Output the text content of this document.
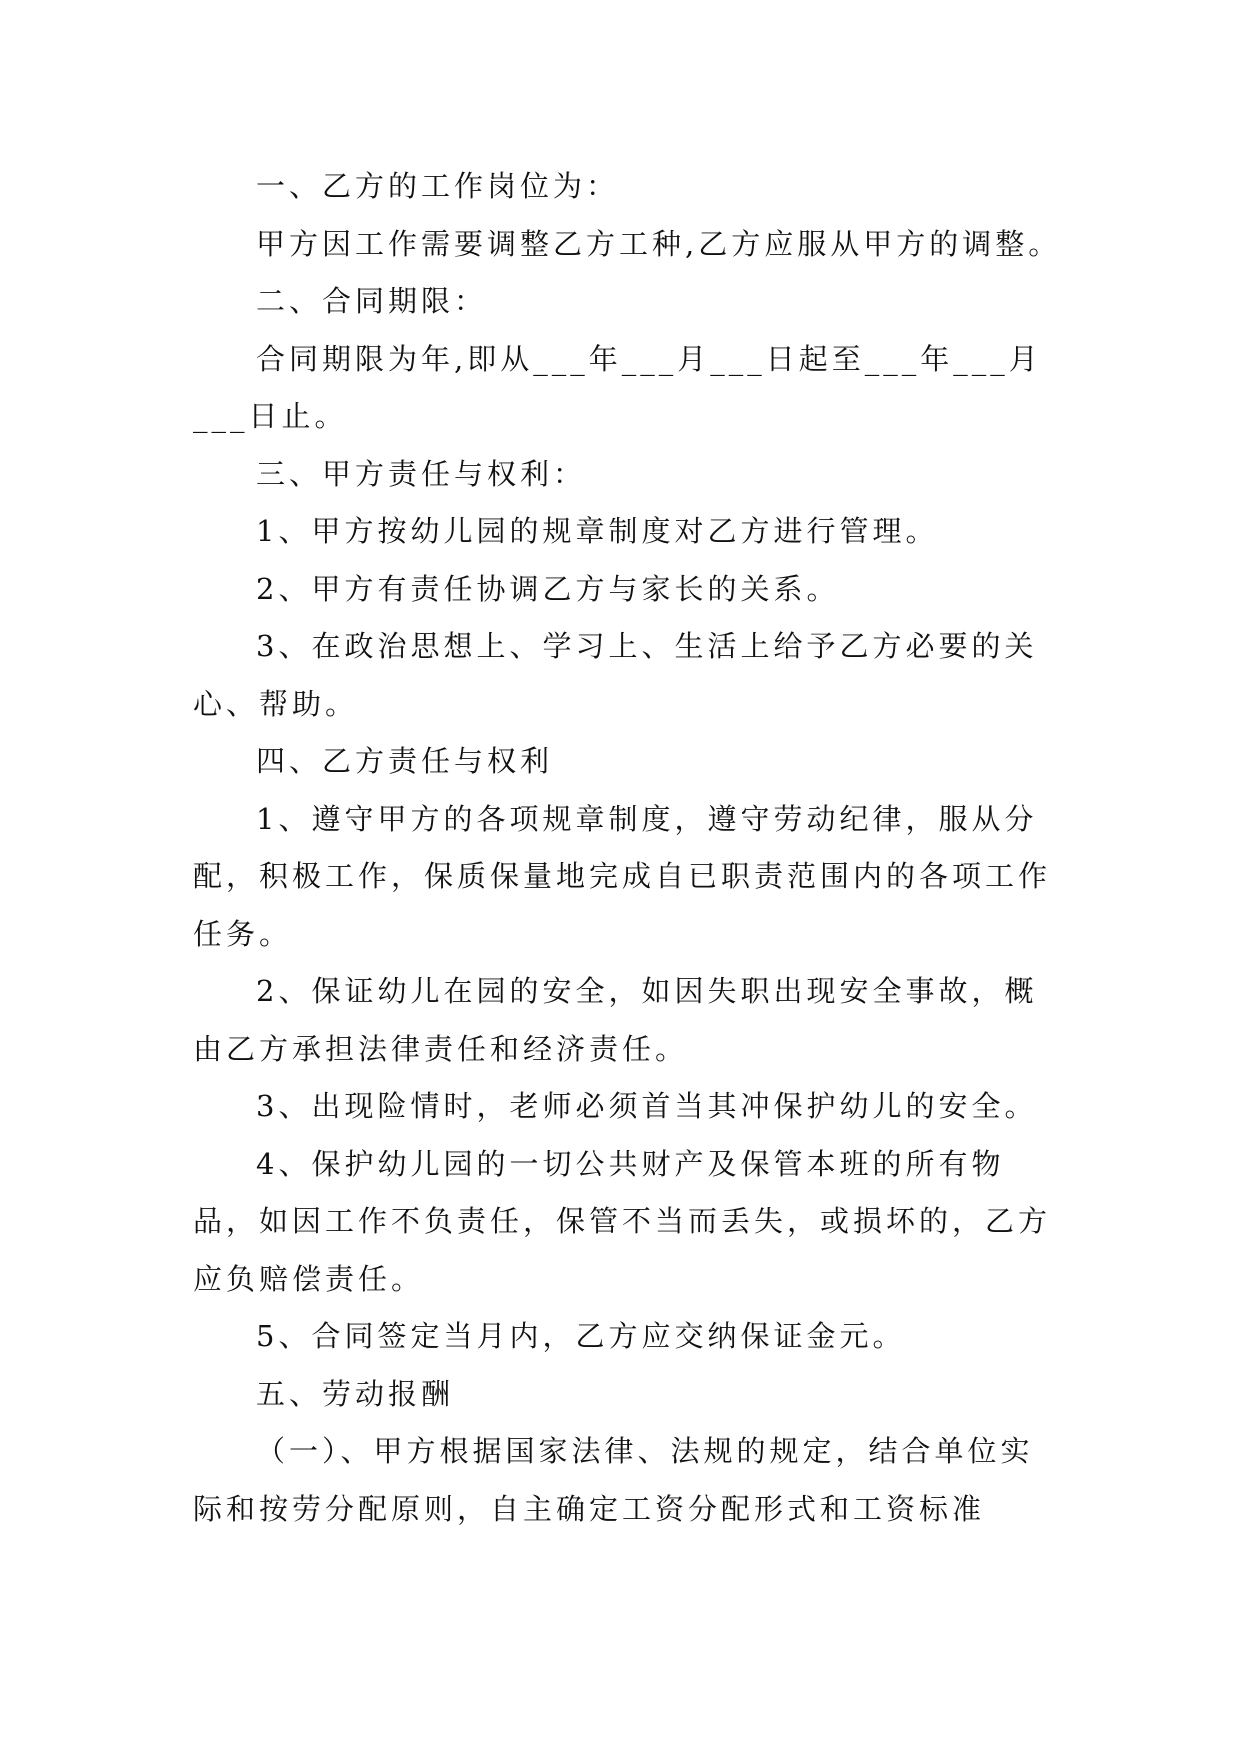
一、乙方的工作岗位为：

甲方因工作需要调整乙方工种,乙方应服从甲方的调整。

二、合同期限：

合同期限为年,即从___年___月___日起至___年___月___日止。

三、甲方责任与权利：

1、甲方按幼儿园的规章制度对乙方进行管理。

2、甲方有责任协调乙方与家长的关系。

3、在政治思想上、学习上、生活上给予乙方必要的关心、帮助。

四、乙方责任与权利

1、遵守甲方的各项规章制度，遵守劳动纪律，服从分配，积极工作，保质保量地完成自已职责范围内的各项工作任务。

2、保证幼儿在园的安全，如因失职出现安全事故，概由乙方承担法律责任和经济责任。

3、出现险情时，老师必须首当其冲保护幼儿的安全。

4、保护幼儿园的一切公共财产及保管本班的所有物品，如因工作不负责任，保管不当而丢失，或损坏的，乙方应负赔偿责任。

5、合同签定当月内，乙方应交纳保证金元。

五、劳动报酬

（一）、甲方根据国家法律、法规的规定，结合单位实际和按劳分配原则，自主确定工资分配形式和工资标准
